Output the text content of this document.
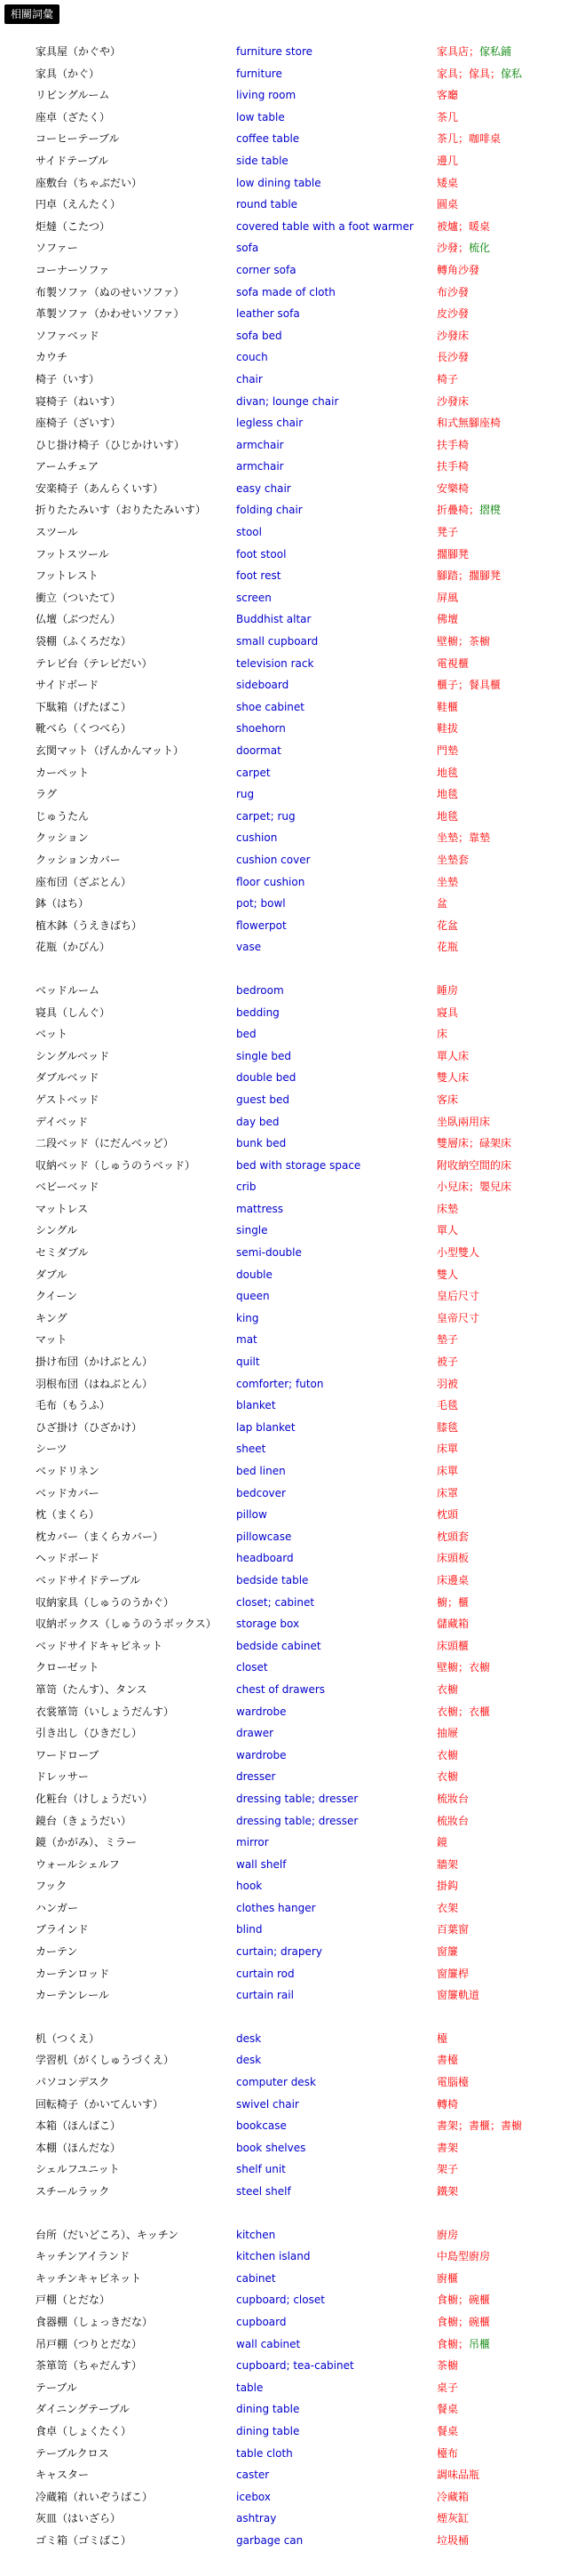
相關詞彙
家具屋（かぐや）	furniture store	家具店；傢私鋪
家具（かぐ）	furniture	家具；傢具；傢私
リビングルーム	living room	客廳
座卓（ざたく）	low table	茶几
コーヒーテーブル	coffee table	茶几；咖啡桌
サイドテーブル	side table	邊几
座敷台（ちゃぶだい）	low dining table	矮桌
円卓（えんたく）	round table	圓桌
炬燵（こたつ）	covered table with a foot warmer	被爐；暖桌
ソファー	sofa	沙發；梳化
コーナーソファ	corner sofa	轉角沙發
布製ソファ（ぬのせいソファ）	sofa made of cloth	布沙發
革製ソファ（かわせいソファ）	leather sofa	皮沙發
ソファベッド	sofa bed	沙發床
カウチ	couch	長沙發
椅子（いす）	chair	椅子
寝椅子（ねいす）	divan; lounge chair	沙發床
座椅子（ざいす）	legless chair	和式無腳座椅
ひじ掛け椅子（ひじかけいす）	armchair	扶手椅
アームチェア	armchair	扶手椅
安楽椅子（あんらくいす）	easy chair	安樂椅
折りたたみいす（おりたたみいす）	folding chair	折疊椅；摺櫈
スツール	stool	凳子
フットスツール	foot stool	擱腳凳
フットレスト	foot rest	腳踏；擱腳凳
衝立（ついたて）	screen	屏風
仏壇（ぶつだん）	Buddhist altar	佛壇
袋棚（ふくろだな）	small cupboard	壁櫥；茶櫥
テレビ台（テレビだい）	television rack	電視櫃
サイドボード	sideboard	櫃子；餐具櫃
下駄箱（げたばこ）	shoe cabinet	鞋櫃
靴べら（くつべら）	shoehorn	鞋拔
玄関マット（げんかんマット）	doormat	門墊
カーペット	carpet	地毯
ラグ	rug	地毯
じゅうたん	carpet; rug	地毯
クッション	cushion	坐墊；靠墊
クッションカバー	cushion cover	坐墊套
座布団（ざぶとん）	floor cushion	坐墊
鉢（はち）	pot; bowl	盆
植木鉢（うえきばち）	flowerpot	花盆
花瓶（かびん）	vase	花瓶
ベッドルーム	bedroom	睡房
寝具（しんぐ）	bedding	寢具
ベット	bed	床
シングルベッド	single bed	單人床
ダブルベッド	double bed	雙人床
ゲストベッド	guest bed	客床
デイベッド	day bed	坐臥兩用床
二段ベッド（にだんベッど）	bunk bed	雙層床；碌架床
収納ベッド（しゅうのうベッド）	bed with storage space	附收納空間的床
ベビーベッド	crib	小兒床；嬰兒床
マットレス	mattress	床墊
シングル	single	單人
セミダブル	semi-double	小型雙人
ダブル	double	雙人
クイーン	queen	皇后尺寸
キング	king	皇帝尺寸
マット	mat	墊子
掛け布団（かけぶとん）	quilt	被子
羽根布団（はねぶとん）	comforter; futon	羽被
毛布（もうふ）	blanket	毛毯
ひざ掛け（ひざかけ）	lap blanket	膝毯
シーツ	sheet	床單
ベッドリネン	bed linen	床單
ベッドカバー	bedcover	床罩
枕（まくら）	pillow	枕頭
枕カバー（まくらカバー）	pillowcase	枕頭套
ヘッドボード	headboard	床頭板
ベッドサイドテーブル	bedside table	床邊桌
収納家具（しゅうのうかぐ）	closet; cabinet	櫥；櫃
収納ボックス（しゅうのうボックス）	storage box	儲藏箱
ベッドサイドキャビネット	bedside cabinet	床頭櫃
クローゼット	closet	壁櫥；衣櫥
箪笥（たんす）、タンス	chest of drawers	衣櫥
衣裳箪笥（いしょうだんす）	wardrobe	衣櫥；衣櫃
引き出し（ひきだし）	drawer	抽屜
ワードローブ	wardrobe	衣櫥
ドレッサー	dresser	衣櫥
化粧台（けしょうだい）	dressing table; dresser	梳妝台
鏡台（きょうだい）	dressing table; dresser	梳妝台
鏡（かがみ）、ミラー	mirror	鏡
ウォールシェルフ	wall shelf	牆架
フック	hook	掛鈎
ハンガー	clothes hanger	衣架
ブラインド	blind	百葉窗
カーテン	curtain; drapery	窗簾
カーテンロッド	curtain rod	窗簾桿
カーテンレール	curtain rail	窗簾軌道
机（つくえ）	desk	檯
学習机（がくしゅうづくえ）	desk	書檯
パソコンデスク	computer desk	電腦檯
回転椅子（かいてんいす）	swivel chair	轉椅
本箱（ほんばこ）	bookcase	書架；書櫃；書櫥
本棚（ほんだな）	book shelves	書架
シェルフユニット	shelf unit	架子
スチールラック	steel shelf	鐵架
台所（だいどころ）、キッチン	kitchen	廚房
キッチンアイランド	kitchen island	中島型廚房
キッチンキャビネット	cabinet	廚櫃
戸棚（とだな）	cupboard; closet	食櫥；碗櫃
食器棚（しょっきだな）	cupboard	食櫥；碗櫃
吊戸棚（つりとだな）	wall cabinet	食櫥；吊櫃
茶箪笥（ちゃだんす）	cupboard; tea-cabinet	茶櫥
テーブル	table	桌子
ダイニングテーブル	dining table	餐桌
食卓（しょくたく）	dining table	餐桌
テーブルクロス	table cloth	檯布
キャスター	caster	調味品瓶
冷蔵箱（れいぞうばこ）	icebox	冷藏箱
灰皿（はいざら）	ashtray	煙灰缸
ゴミ箱（ゴミばこ）	garbage can	垃圾桶
